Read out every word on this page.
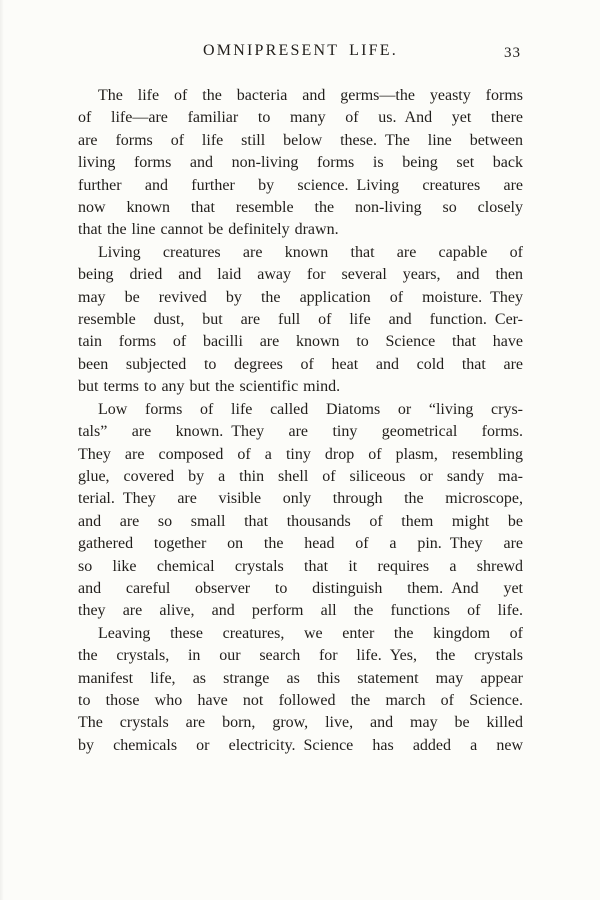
OMNIPRESENT LIFE.	33
The life of the bacteria and germs—the yeasty forms
of life—are familiar to many of us. And yet there
are forms of life still below these. The line between
living forms and non-living forms is being set back
further and further by science. Living creatures are
now known that resemble the non-living so closely
that the line cannot be definitely drawn.
Living creatures are known that are capable of
being dried and laid away for several years, and then
may be revived by the application of moisture. They
resemble dust, but are full of life and function. Cer-
tain forms of bacilli are known to Science that have
been subjected to degrees of heat and cold that are
but terms to any but the scientific mind.
Low forms of life called Diatoms or “living crys-
tals” are known. They are tiny geometrical forms.
They are composed of a tiny drop of plasm, resembling
glue, covered by a thin shell of siliceous or sandy ma-
terial. They are visible only through the microscope,
and are so small that thousands of them might be
gathered together on the head of a pin. They are
so like chemical crystals that it requires a shrewd
and careful observer to distinguish them. And yet
they are alive, and perform all the functions of life.
Leaving these creatures, we enter the kingdom of
the crystals, in our search for life. Yes, the crystals
manifest life, as strange as this statement may appear
to those who have not followed the march of Science.
The crystals are born, grow, live, and may be killed
by chemicals or electricity. Science has added a new
